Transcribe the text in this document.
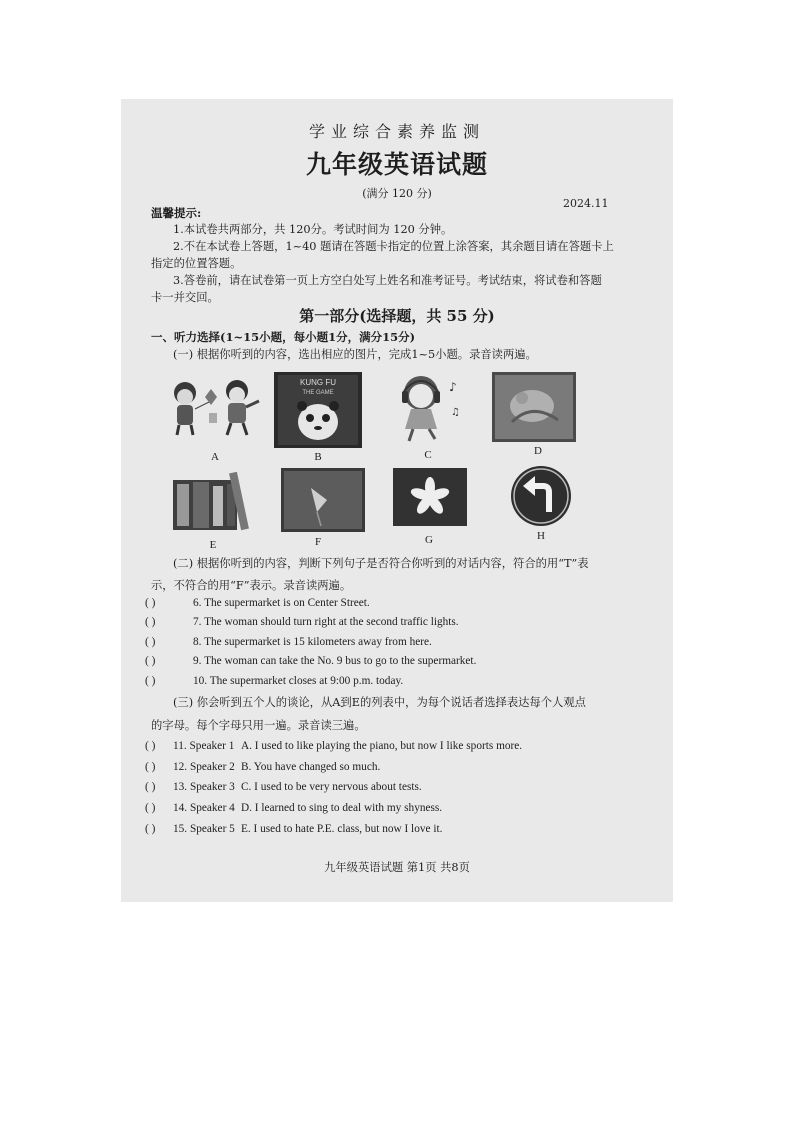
学业综合素养监测
九年级英语试题
(满分 120 分)
2024.11
温馨提示:
1.本试卷共两部分，共 120分。考试时间为 120 分钟。
2.不在本试卷上答题，1~40 题请在答题卡指定的位置上涂答案，其余题目请在答题卡上
指定的位置答题。
3.答卷前，请在试卷第一页上方空白处写上姓名和准考证号。考试结束，将试卷和答题
卡一并交回。
第一部分(选择题，共 55 分)
一、听力选择(1~15小题，每小题1分，满分15分)
(一) 根据你听到的内容，选出相应的图片，完成1~5小题。录音读两遍。
A
KUNG FU
THE GAME
B
♪
♫
C	D
E	F	G	H
(二) 根据你听到的内容，判断下列句子是否符合你听到的对话内容，符合的用“T”表
示，不符合的用“F”表示。录音读两遍。
( )	6. The supermarket is on Center Street.
( )	7. The woman should turn right at the second traffic lights.
( )	8. The supermarket is 15 kilometers away from here.
( )	9. The woman can take the No. 9 bus to go to the supermarket.
( )	10. The supermarket closes at 9:00 p.m. today.
(三) 你会听到五个人的谈论，从A到E的列表中，为每个说话者选择表达每个人观点
的字母。每个字母只用一遍。录音读三遍。
( ) 11. Speaker 1 A. I used to like playing the piano, but now I like sports more.
( ) 12. Speaker 2 B. You have changed so much.
( ) 13. Speaker 3 C. I used to be very nervous about tests.
( ) 14. Speaker 4 D. I learned to sing to deal with my shyness.
( ) 15. Speaker 5 E. I used to hate P.E. class, but now I love it.
九年级英语试题 第1页 共8页
